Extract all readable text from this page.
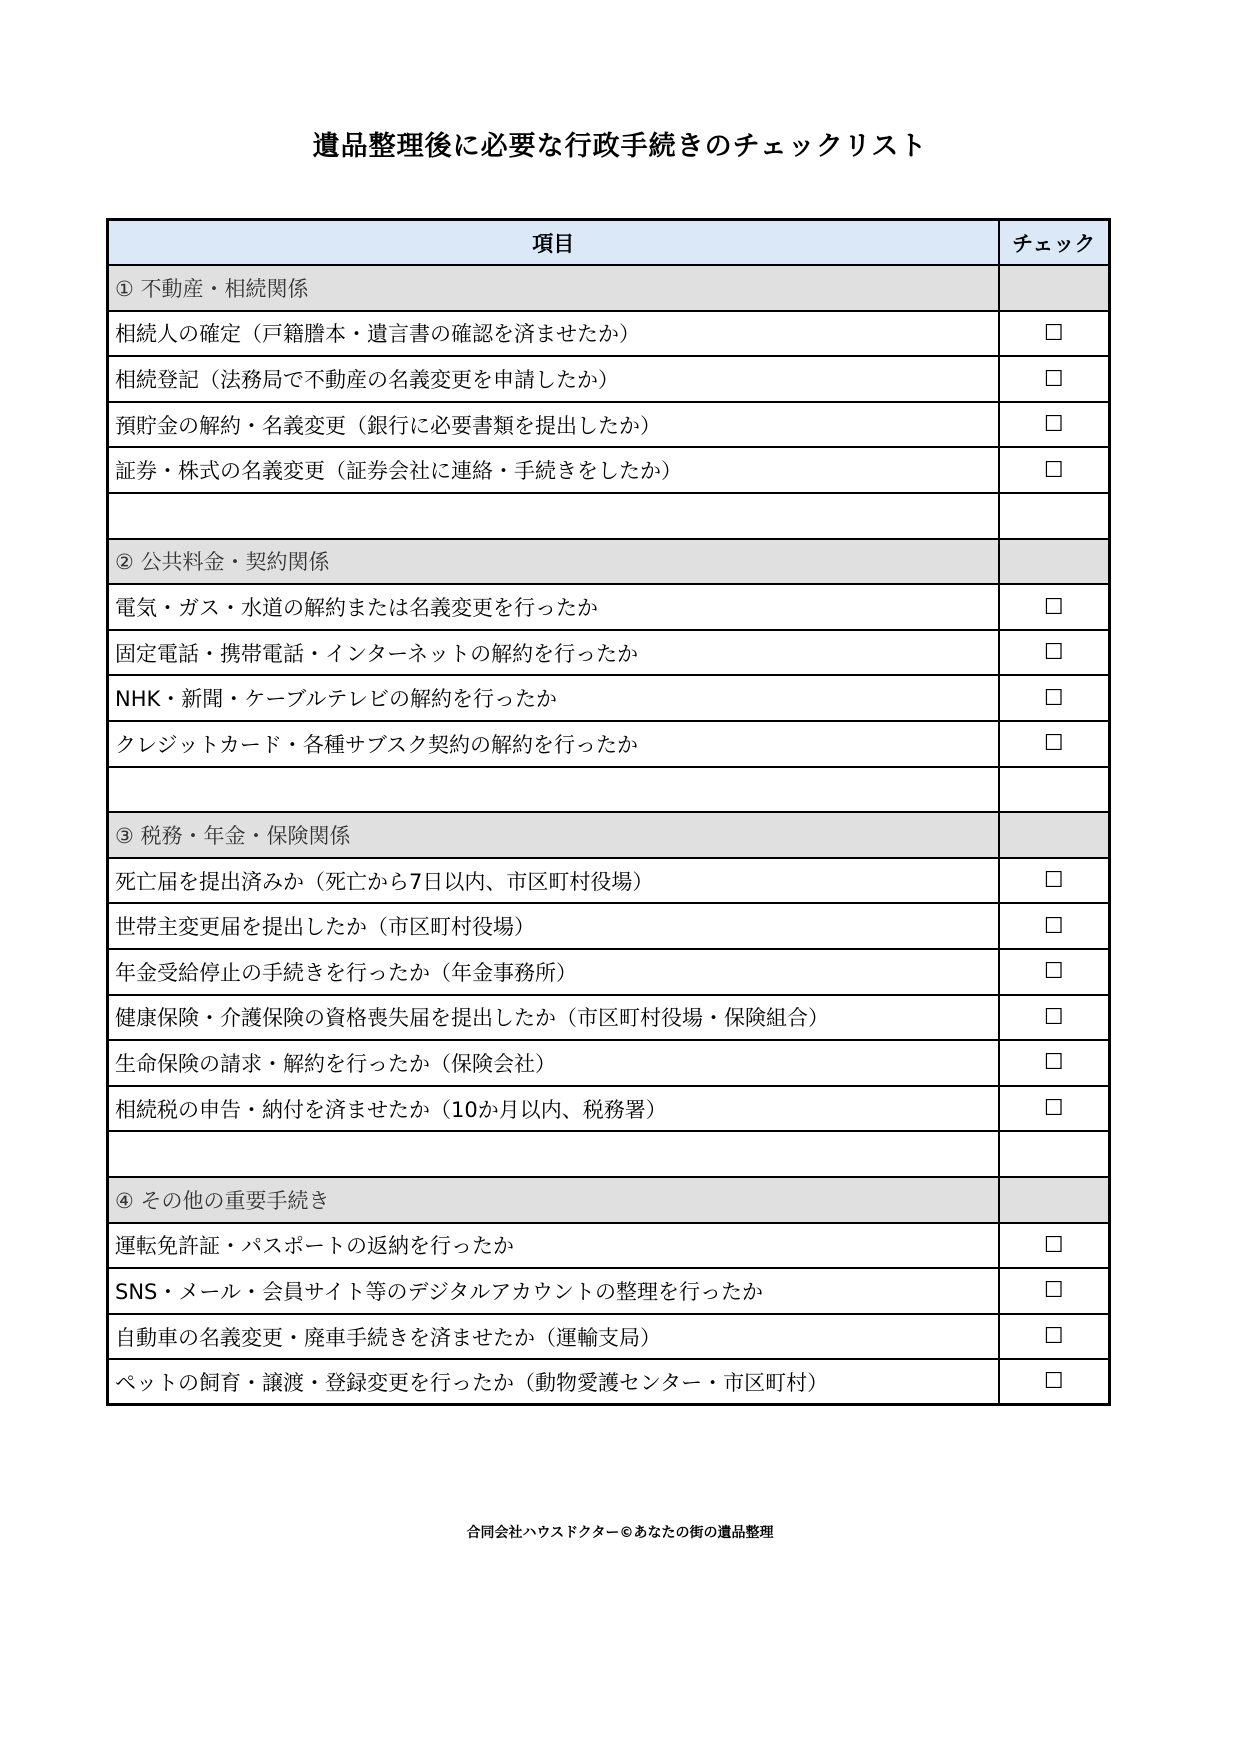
遺品整理後に必要な行政手続きのチェックリスト
項目	チェック
① 不動産・相続関係	
相続人の確定（戸籍謄本・遺言書の確認を済ませたか）	☐
相続登記（法務局で不動産の名義変更を申請したか）	☐
預貯金の解約・名義変更（銀行に必要書類を提出したか）	☐
証券・株式の名義変更（証券会社に連絡・手続きをしたか）	☐

② 公共料金・契約関係	
電気・ガス・水道の解約または名義変更を行ったか	☐
固定電話・携帯電話・インターネットの解約を行ったか	☐
NHK・新聞・ケーブルテレビの解約を行ったか	☐
クレジットカード・各種サブスク契約の解約を行ったか	☐

③ 税務・年金・保険関係	
死亡届を提出済みか（死亡から7日以内、市区町村役場）	☐
世帯主変更届を提出したか（市区町村役場）	☐
年金受給停止の手続きを行ったか（年金事務所）	☐
健康保険・介護保険の資格喪失届を提出したか（市区町村役場・保険組合）	☐
生命保険の請求・解約を行ったか（保険会社）	☐
相続税の申告・納付を済ませたか（10か月以内、税務署）	☐

④ その他の重要手続き	
運転免許証・パスポートの返納を行ったか	☐
SNS・メール・会員サイト等のデジタルアカウントの整理を行ったか	☐
自動車の名義変更・廃車手続きを済ませたか（運輸支局）	☐
ペットの飼育・譲渡・登録変更を行ったか（動物愛護センター・市区町村）	☐
合同会社ハウスドクター©あなたの街の遺品整理
